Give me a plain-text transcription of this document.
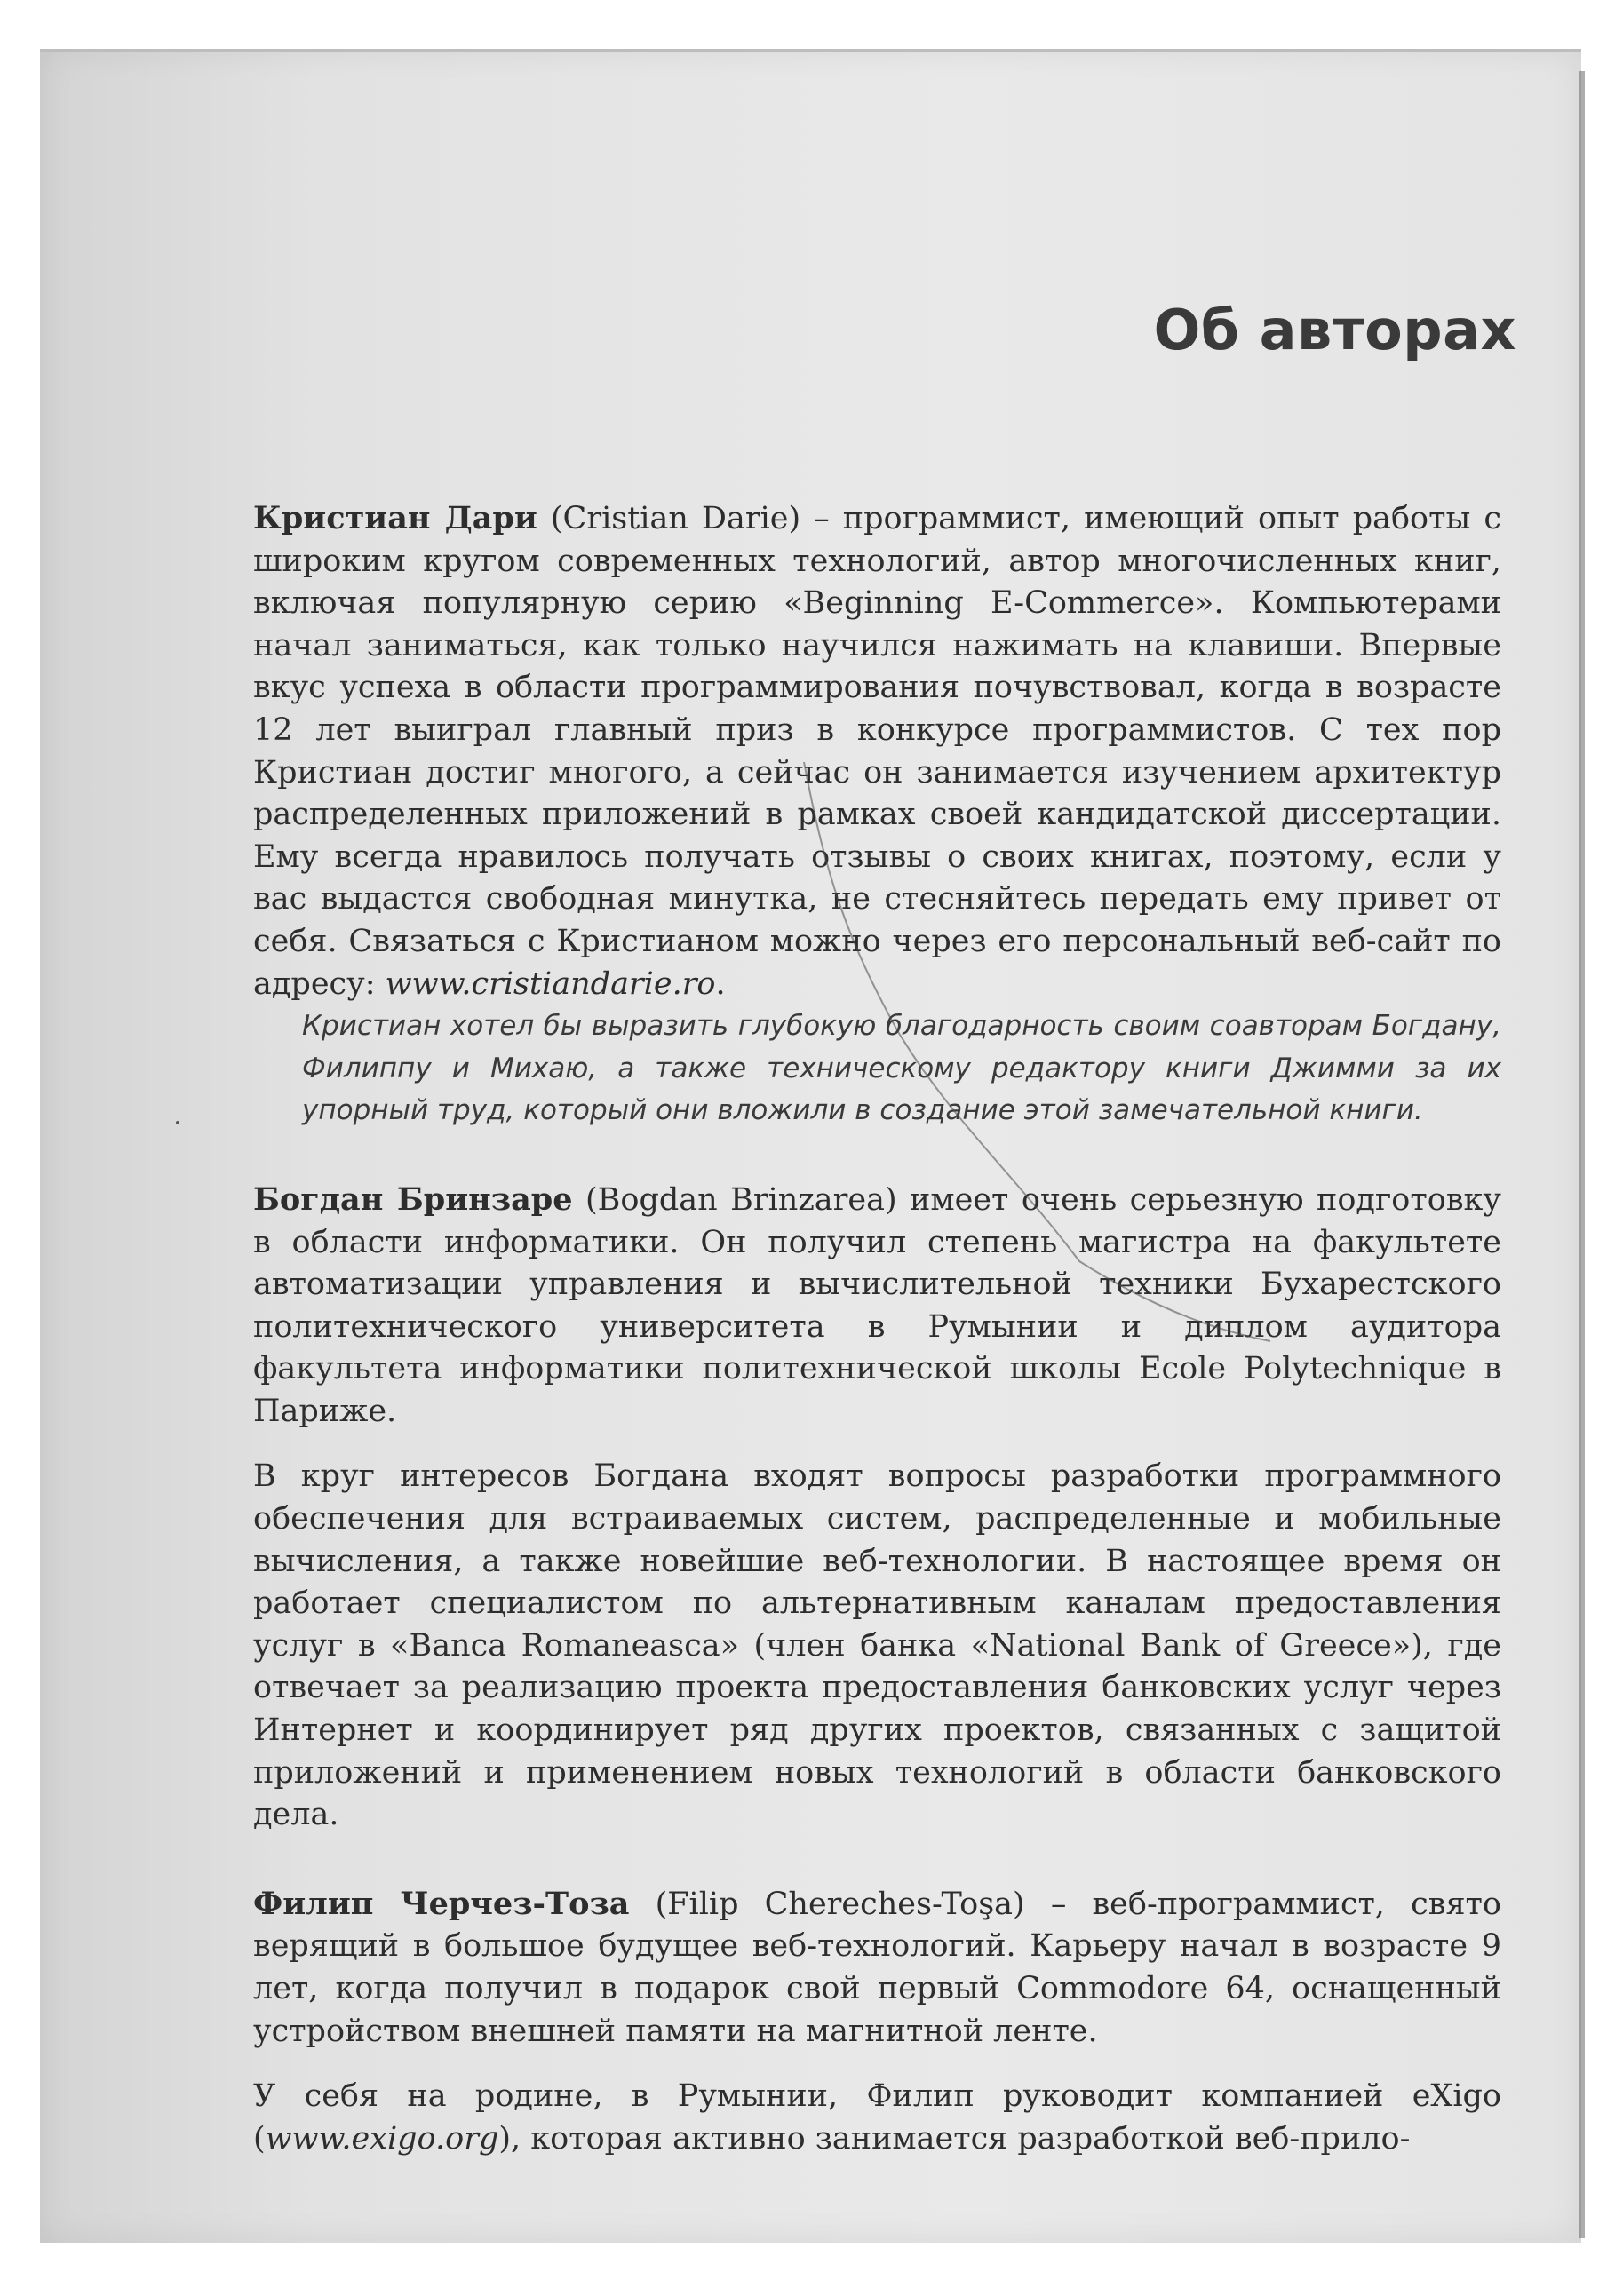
Об авторах

Кристиан Дари (Cristian Darie) – программист, имеющий опыт работы с широким кругом современных технологий, автор многочисленных книг, включая популярную серию «Beginning E-Commerce». Компьютерами начал заниматься, как только научился нажимать на клавиши. Впервые вкус успеха в области программирования почувствовал, когда в возрасте 12 лет выиграл главный приз в конкурсе программистов. С тех пор Кристиан достиг многого, а сейчас он занимается изучением архитектур распределенных приложений в рамках своей кандидатской диссертации. Ему всегда нравилось получать отзывы о своих книгах, поэтому, если у вас выдастся свободная минутка, не стесняйтесь передать ему привет от себя. Связаться с Кристианом можно через его персональный веб-сайт по адресу: www.cristiandarie.ro.

Кристиан хотел бы выразить глубокую благодарность своим соавторам Богдану, Филиппу и Михаю, а также техническому редактору книги Джимми за их упорный труд, который они вложили в создание этой замечательной книги.

Богдан Бринзаре (Bogdan Brinzarea) имеет очень серьезную подготовку в области информатики. Он получил степень магистра на факультете автоматизации управления и вычислительной техники Бухарестского политехнического университета в Румынии и диплом аудитора факультета информатики политехнической школы Ecole Polytechnique в Париже.

В круг интересов Богдана входят вопросы разработки программного обеспечения для встраиваемых систем, распределенные и мобильные вычисления, а также новейшие веб-технологии. В настоящее время он работает специалистом по альтернативным каналам предоставления услуг в «Banca Romaneasca» (член банка «National Bank of Greece»), где отвечает за реализацию проекта предоставления банковских услуг через Интернет и координирует ряд других проектов, связанных с защитой приложений и применением новых технологий в области банковского дела.

Филип Черчез-Тоза (Filip Chereches-Toşa) – веб-программист, свято верящий в большое будущее веб-технологий. Карьеру начал в возрасте 9 лет, когда получил в подарок свой первый Commodore 64, оснащенный устройством внешней памяти на магнитной ленте.

У себя на родине, в Румынии, Филип руководит компанией eXigo (www.exigo.org), которая активно занимается разработкой веб-прило-
